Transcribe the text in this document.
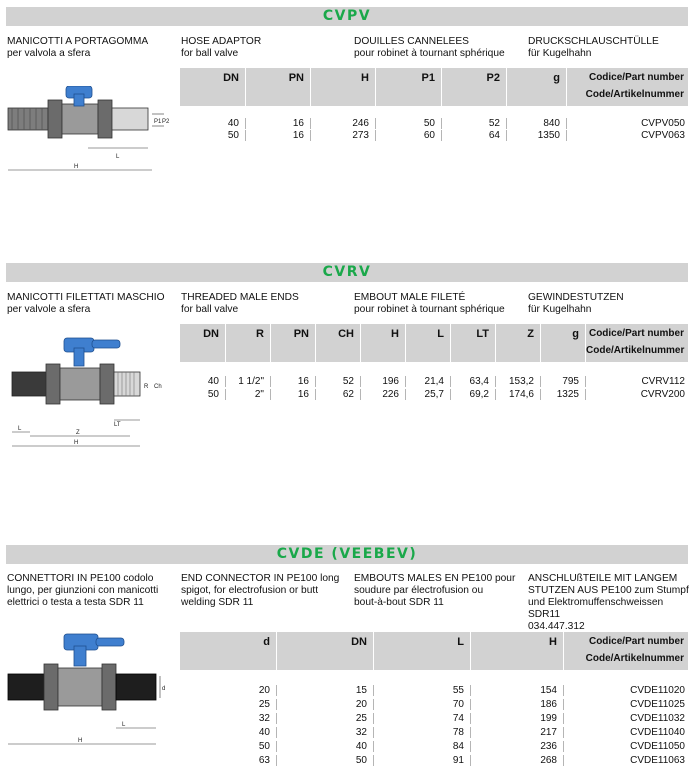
CVPV
MANICOTTI A PORTAGOMMA
per valvola a sfera
HOSE ADAPTOR
for ball valve
DOUILLES CANNELEES
pour robinet à tournant sphérique
DRUCKSCHLAUSCHTÜLLE
für Kugelhahn
P1 P2
L
H
DN	PN	H	P1	P2	g	Codice/Part number
Code/Artikelnummer
40	16	246	50	52	840	CVPV050
50	16	273	60	64	1350	CVPV063
CVRV
MANICOTTI FILETTATI MASCHIO
per valvole a sfera
THREADED MALE ENDS
for ball valve
EMBOUT MALE FILETÉ
pour robinet à tournant sphérique
GEWINDESTUTZEN
für Kugelhahn
R Ch
LT
L
Z
H
DN	R	PN	CH	H	L	LT	Z	g Codice/Part number
Code/Artikelnummer
40	1 1/2"	16	52	196	21,4	63,4	153,2	795	CVRV112
50	2"	16	62	226	25,7	69,2	174,6	1325	CVRV200
CVDE (VEEBEV)
CONNETTORI IN PE100 codolo
lungo, per giunzioni con manicotti
elettrici o testa a testa SDR 11
END CONNECTOR IN PE100 long
spigot, for electrofusion or butt
welding SDR 11
EMBOUTS MALES EN PE100 pour
soudure par électrofusion ou
bout-à-bout SDR 11
ANSCHLUßTEILE MIT LANGEM
STUTZEN AUS PE100 zum Stumpf
und Elektromuffenschweissen SDR11
034.447.312
d
L
H
d	DN	L	H	Codice/Part number
Code/Artikelnummer
20	15	55	154	CVDE11020
25	20	70	186	CVDE11025
32	25	74	199	CVDE11032
40	32	78	217	CVDE11040
50	40	84	236	CVDE11050
63	50	91	268	CVDE11063
